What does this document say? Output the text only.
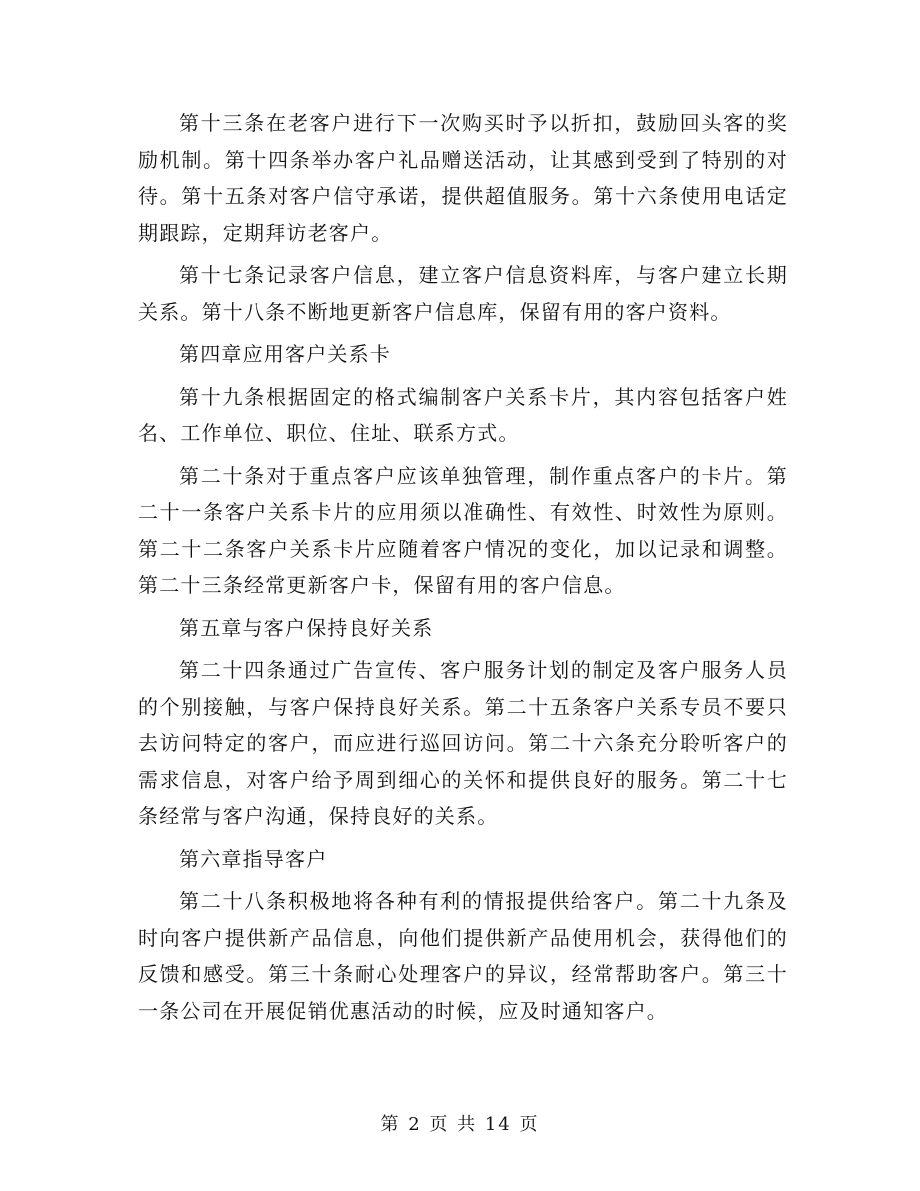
第十三条在老客户进行下一次购买时予以折扣，鼓励回头客的奖励机制。第十四条举办客户礼品赠送活动，让其感到受到了特别的对待。第十五条对客户信守承诺，提供超值服务。第十六条使用电话定期跟踪，定期拜访老客户。

第十七条记录客户信息，建立客户信息资料库，与客户建立长期关系。第十八条不断地更新客户信息库，保留有用的客户资料。

第四章应用客户关系卡

第十九条根据固定的格式编制客户关系卡片，其内容包括客户姓名、工作单位、职位、住址、联系方式。

第二十条对于重点客户应该单独管理，制作重点客户的卡片。第二十一条客户关系卡片的应用须以准确性、有效性、时效性为原则。第二十二条客户关系卡片应随着客户情况的变化，加以记录和调整。第二十三条经常更新客户卡，保留有用的客户信息。

第五章与客户保持良好关系

第二十四条通过广告宣传、客户服务计划的制定及客户服务人员的个别接触，与客户保持良好关系。第二十五条客户关系专员不要只去访问特定的客户，而应进行巡回访问。第二十六条充分聆听客户的需求信息，对客户给予周到细心的关怀和提供良好的服务。第二十七条经常与客户沟通，保持良好的关系。

第六章指导客户

第二十八条积极地将各种有利的情报提供给客户。第二十九条及时向客户提供新产品信息，向他们提供新产品使用机会，获得他们的反馈和感受。第三十条耐心处理客户的异议，经常帮助客户。第三十一条公司在开展促销优惠活动的时候，应及时通知客户。

第 2 页 共 14 页
